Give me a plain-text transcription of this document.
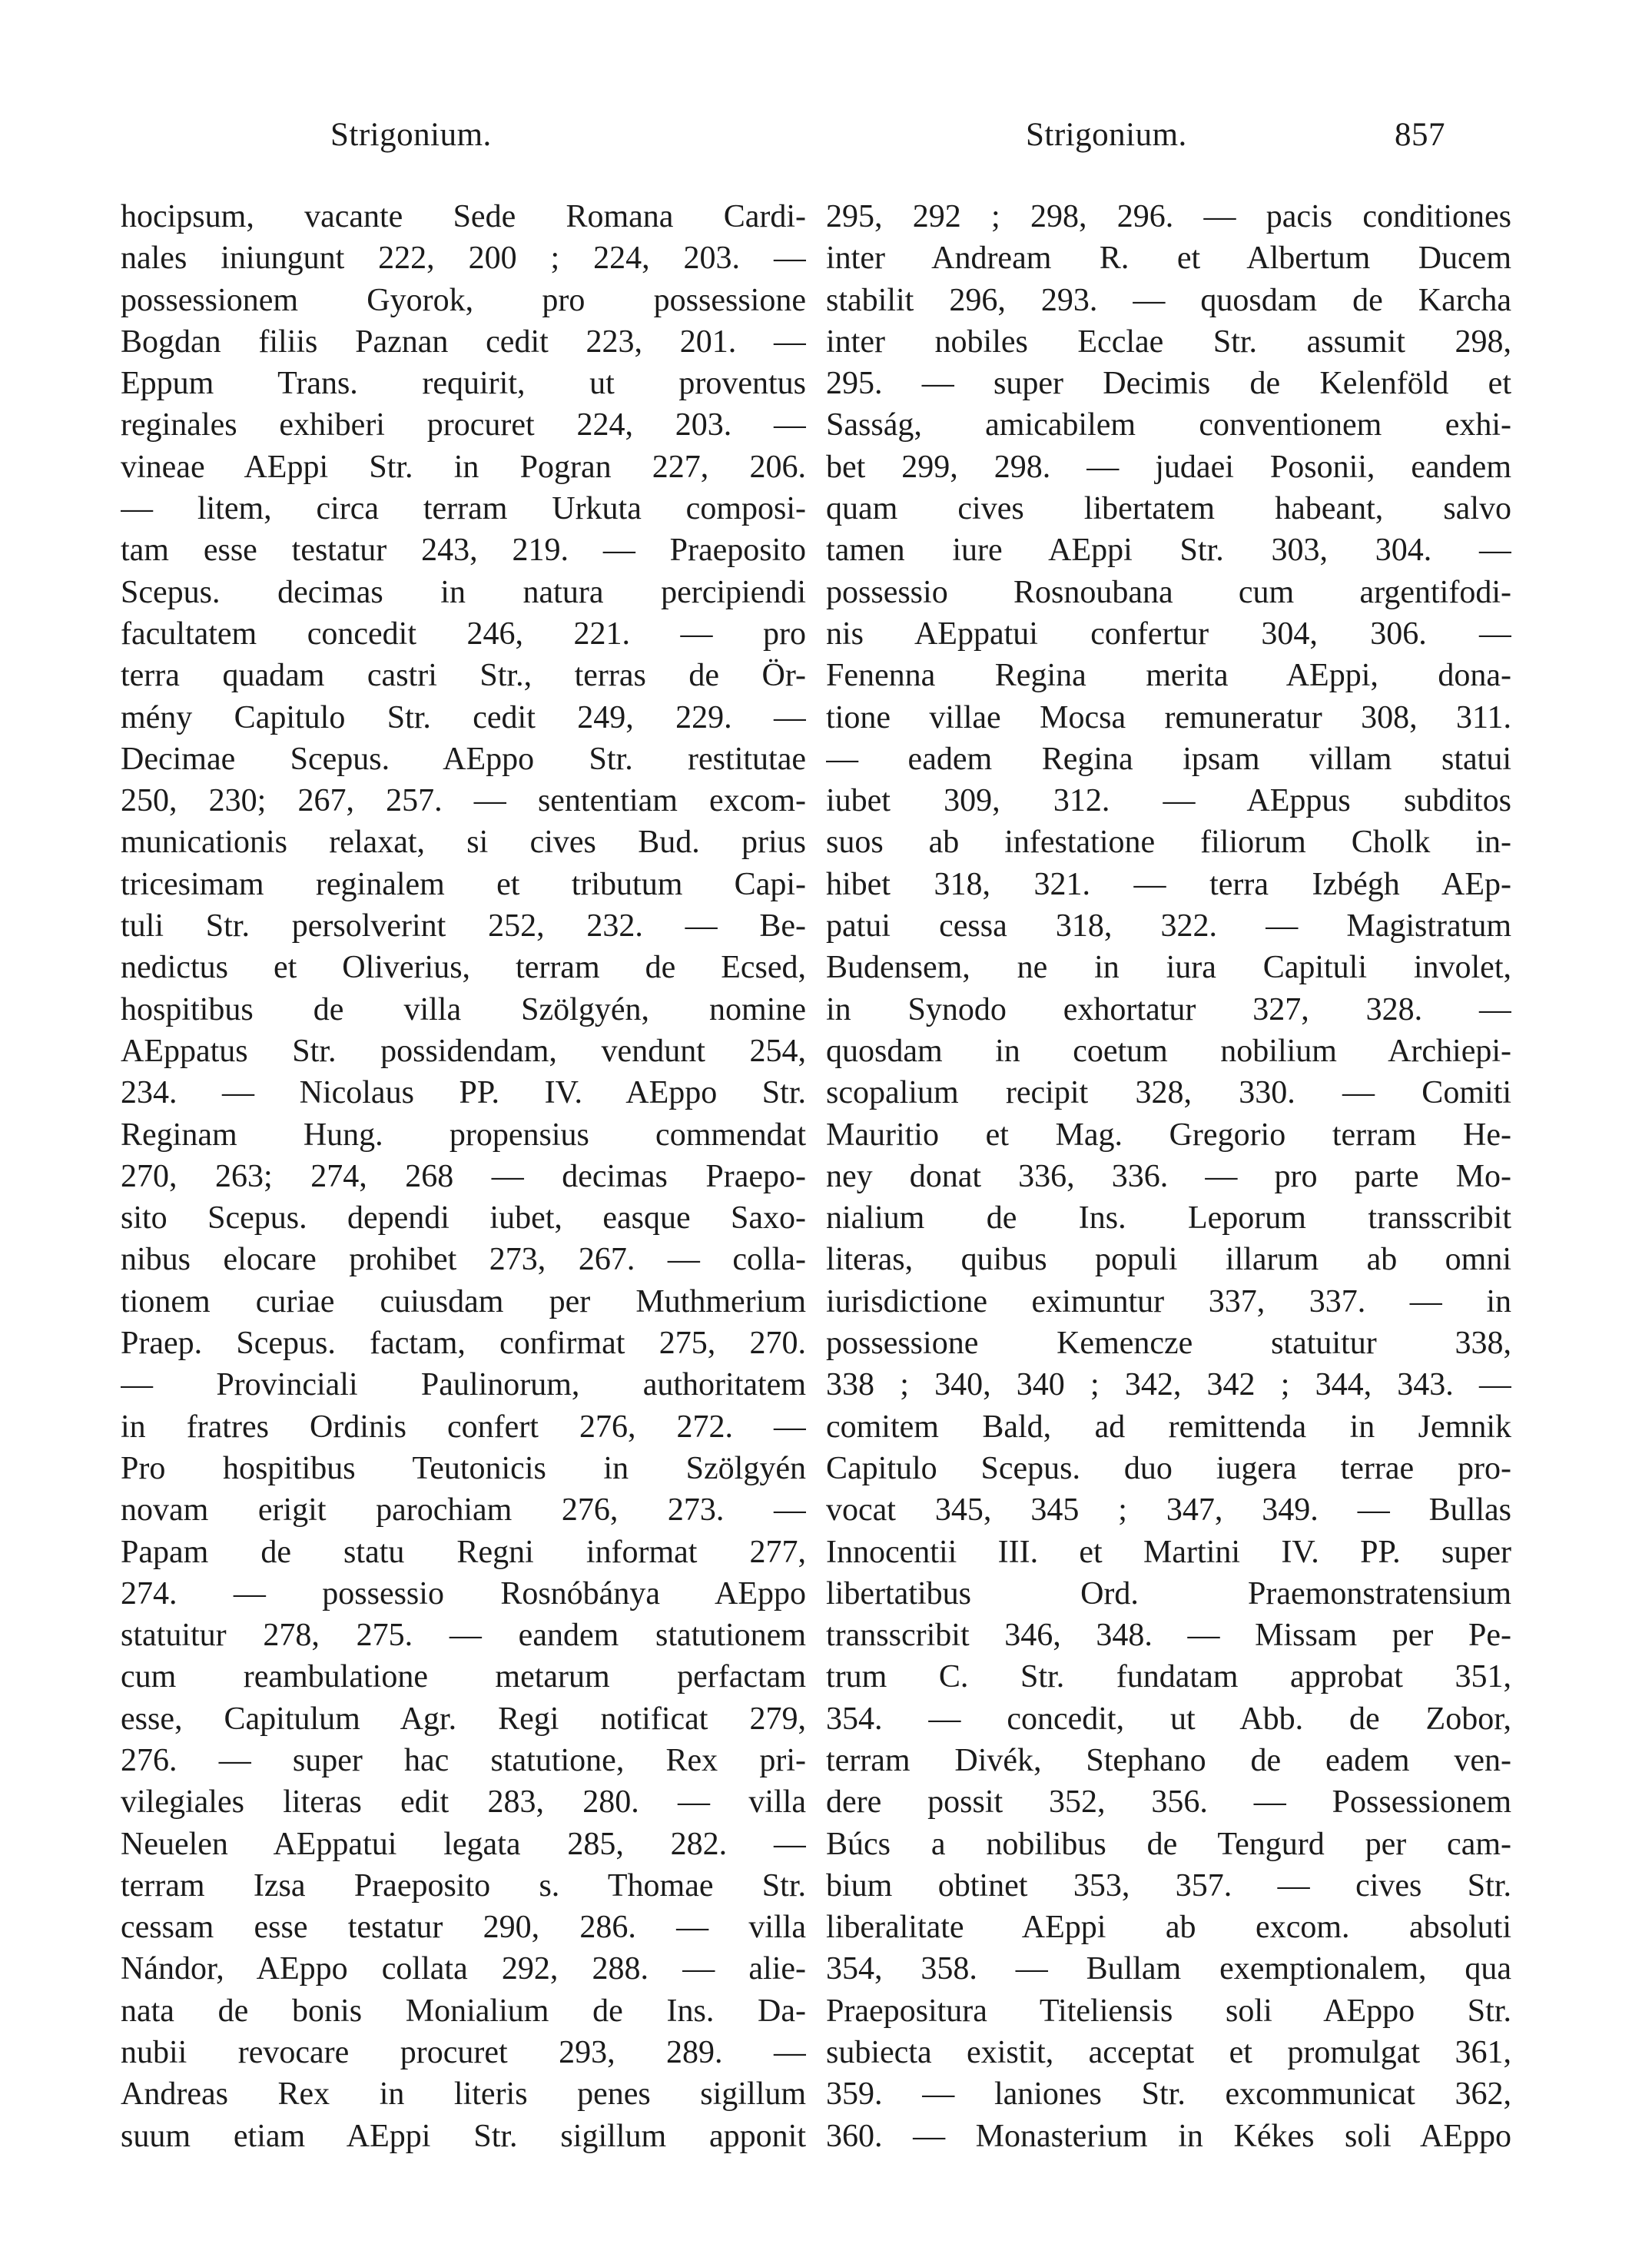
Strigonium.	Strigonium.	857
hocipsum, vacante Sede Romana Cardi-
nales iniungunt 222, 200 ; 224, 203. —
possessionem Gyorok, pro possessione
Bogdan filiis Paznan cedit 223, 201. —
Eppum Trans. requirit, ut proventus
reginales exhiberi procuret 224, 203. —
vineae AEppi Str. in Pogran 227, 206.
— litem, circa terram Urkuta composi-
tam esse testatur 243, 219. — Praeposito
Scepus. decimas in natura percipiendi
facultatem concedit 246, 221. — pro
terra quadam castri Str., terras de Ör-
mény Capitulo Str. cedit 249, 229. —
Decimae Scepus. AEppo Str. restitutae
250, 230; 267, 257. — sententiam excom-
municationis relaxat, si cives Bud. prius
tricesimam reginalem et tributum Capi-
tuli Str. persolverint 252, 232. — Be-
nedictus et Oliverius, terram de Ecsed,
hospitibus de villa Szölgyén, nomine
AEppatus Str. possidendam, vendunt 254,
234. — Nicolaus PP. IV. AEppo Str.
Reginam Hung. propensius commendat
270, 263; 274, 268 — decimas Praepo-
sito Scepus. dependi iubet, easque Saxo-
nibus elocare prohibet 273, 267. — colla-
tionem curiae cuiusdam per Muthmerium
Praep. Scepus. factam, confirmat 275, 270.
— Provinciali Paulinorum, authoritatem
in fratres Ordinis confert 276, 272. —
Pro hospitibus Teutonicis in Szölgyén
novam erigit parochiam 276, 273. —
Papam de statu Regni informat 277,
274. — possessio Rosnóbánya AEppo
statuitur 278, 275. — eandem statutionem
cum reambulatione metarum perfactam
esse, Capitulum Agr. Regi notificat 279,
276. — super hac statutione, Rex pri-
vilegiales literas edit 283, 280. — villa
Neuelen AEppatui legata 285, 282. —
terram Izsa Praeposito s. Thomae Str.
cessam esse testatur 290, 286. — villa
Nándor, AEppo collata 292, 288. — alie-
nata de bonis Monialium de Ins. Da-
nubii revocare procuret 293, 289. —
Andreas Rex in literis penes sigillum
suum etiam AEppi Str. sigillum apponit
295, 292 ; 298, 296. — pacis conditiones
inter Andream R. et Albertum Ducem
stabilit 296, 293. — quosdam de Karcha
inter nobiles Ecclae Str. assumit 298,
295. — super Decimis de Kelenföld et
Sasság, amicabilem conventionem exhi-
bet 299, 298. — judaei Posonii, eandem
quam cives libertatem habeant, salvo
tamen iure AEppi Str. 303, 304. —
possessio Rosnoubana cum argentifodi-
nis AEppatui confertur 304, 306. —
Fenenna Regina merita AEppi, dona-
tione villae Mocsa remuneratur 308, 311.
— eadem Regina ipsam villam statui
iubet 309, 312. — AEppus subditos
suos ab infestatione filiorum Cholk in-
hibet 318, 321. — terra Izbégh AEp-
patui cessa 318, 322. — Magistratum
Budensem, ne in iura Capituli involet,
in Synodo exhortatur 327, 328. —
quosdam in coetum nobilium Archiepi-
scopalium recipit 328, 330. — Comiti
Mauritio et Mag. Gregorio terram He-
ney donat 336, 336. — pro parte Mo-
nialium de Ins. Leporum transscribit
literas, quibus populi illarum ab omni
iurisdictione eximuntur 337, 337. — in
possessione Kemencze statuitur 338,
338 ; 340, 340 ; 342, 342 ; 344, 343. —
comitem Bald, ad remittenda in Jemnik
Capitulo Scepus. duo iugera terrae pro-
vocat 345, 345 ; 347, 349. — Bullas
Innocentii III. et Martini IV. PP. super
libertatibus Ord. Praemonstratensium
transscribit 346, 348. — Missam per Pe-
trum C. Str. fundatam approbat 351,
354. — concedit, ut Abb. de Zobor,
terram Divék, Stephano de eadem ven-
dere possit 352, 356. — Possessionem
Búcs a nobilibus de Tengurd per cam-
bium obtinet 353, 357. — cives Str.
liberalitate AEppi ab excom. absoluti
354, 358. — Bullam exemptionalem, qua
Praepositura Titeliensis soli AEppo Str.
subiecta existit, acceptat et promulgat 361,
359. — laniones Str. excommunicat 362,
360. — Monasterium in Kékes soli AEppo
